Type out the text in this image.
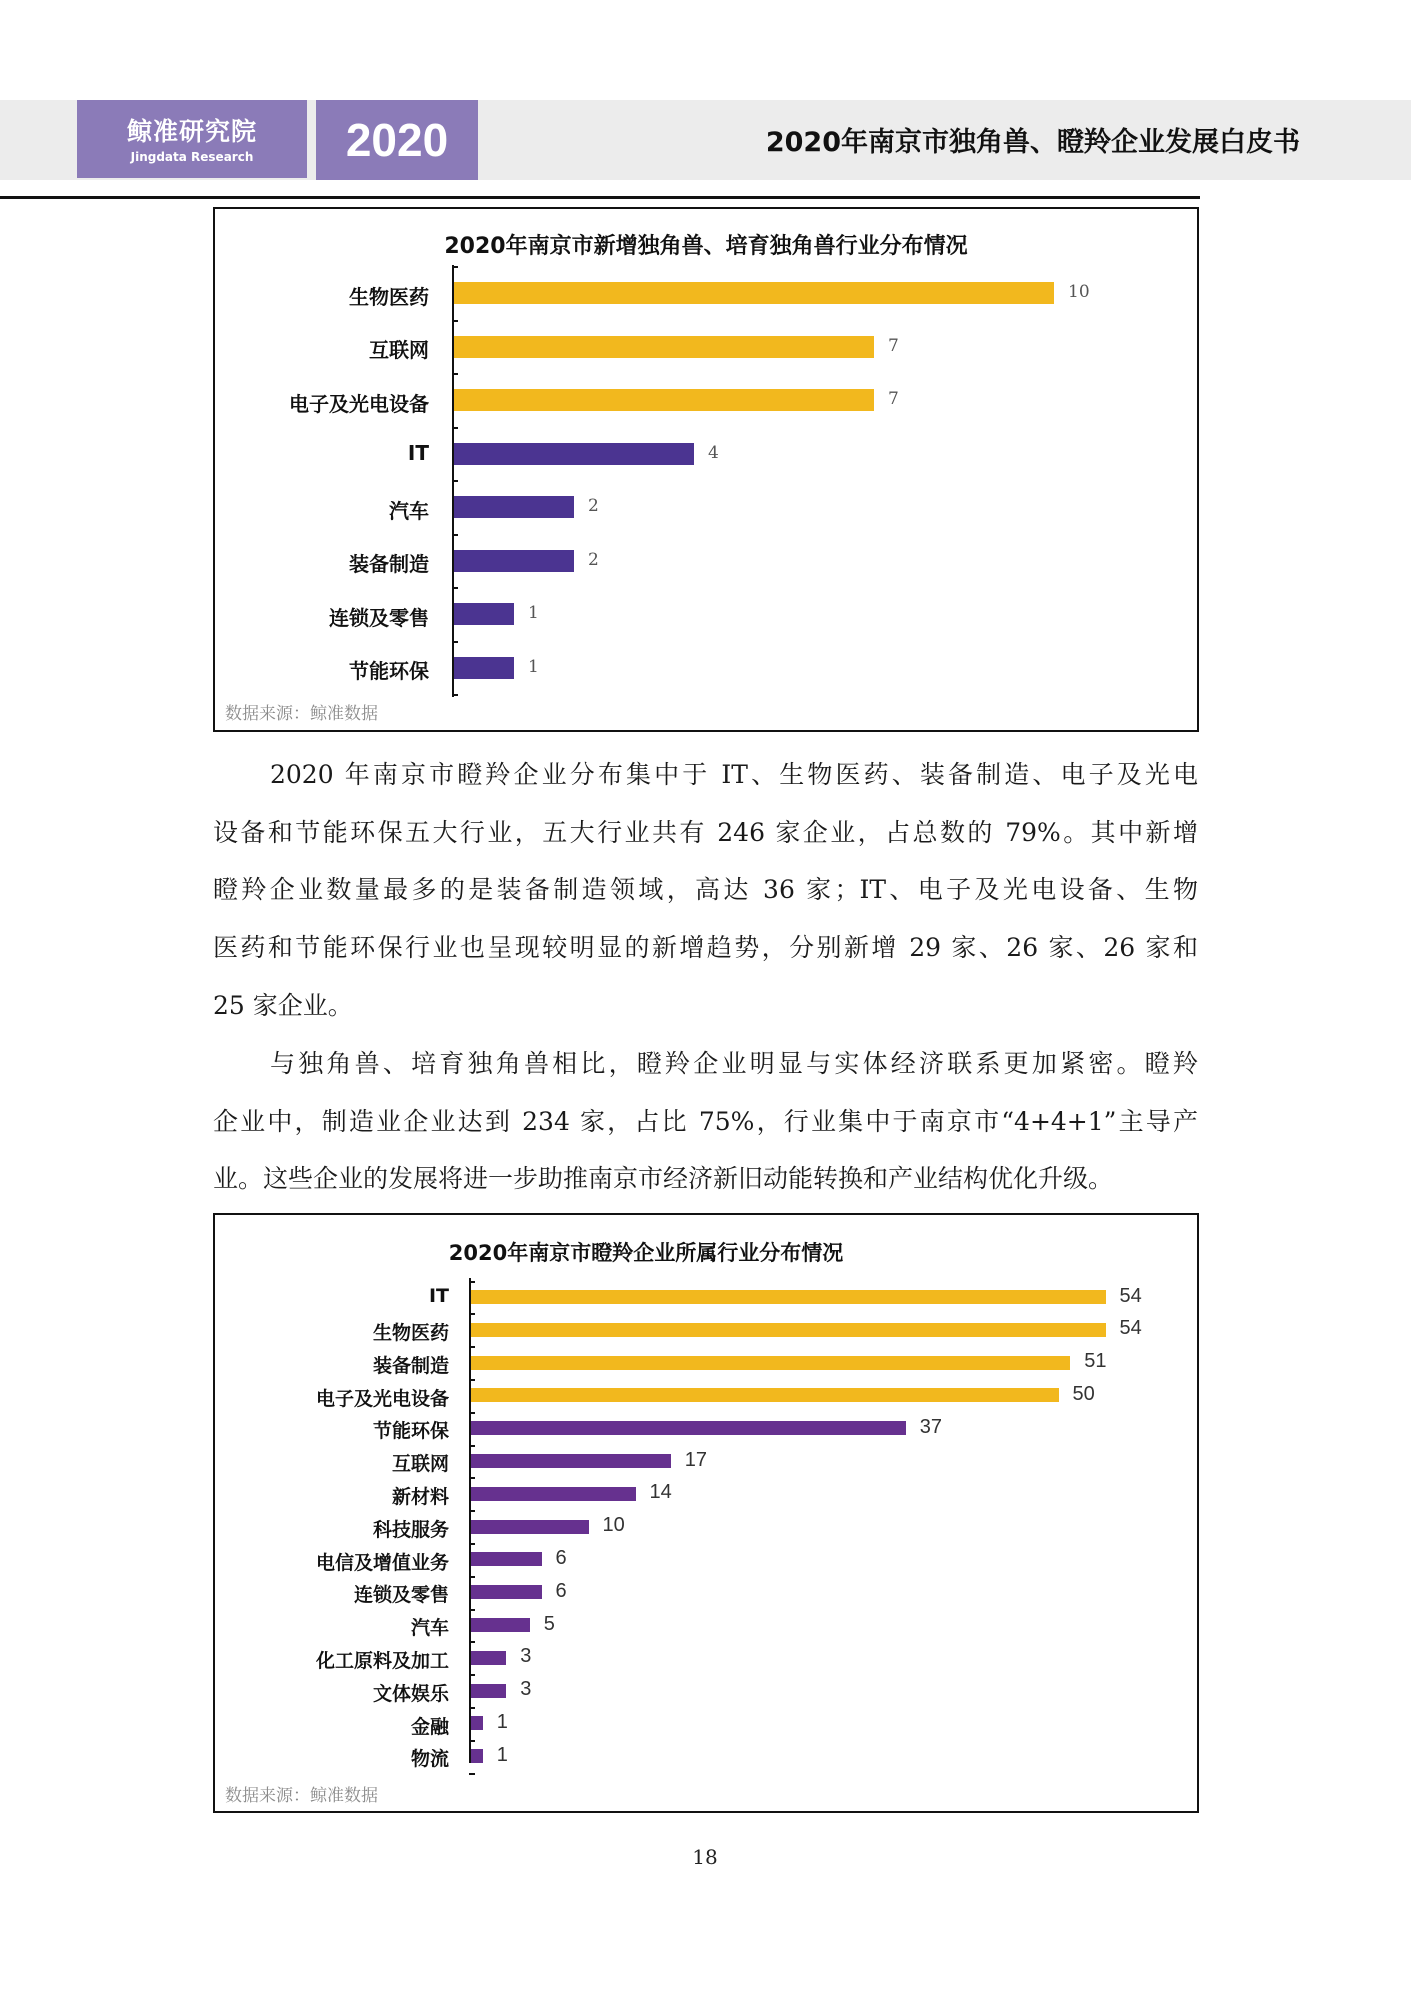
鲸准研究院
Jingdata Research	2020	2020年南京市独角兽、瞪羚企业发展白皮书
2020年南京市新增独角兽、培育独角兽行业分布情况
生物医药	10
互联网	7
电子及光电设备	7
IT	4
汽车	2
装备制造	2
连锁及零售	1
节能环保	1
数据来源：鲸准数据
2020 年南京市瞪羚企业分布集中于 IT、生物医药、装备制造、电子及光电
设备和节能环保五大行业，五大行业共有 246 家企业，占总数的 79%。其中新增
瞪羚企业数量最多的是装备制造领域，高达 36 家；IT、电子及光电设备、生物
医药和节能环保行业也呈现较明显的新增趋势，分别新增 29 家、26 家、26 家和
25 家企业。
与独角兽、培育独角兽相比，瞪羚企业明显与实体经济联系更加紧密。瞪羚
企业中，制造业企业达到 234 家，占比 75%，行业集中于南京市“4+4+1”主导产
业。这些企业的发展将进一步助推南京市经济新旧动能转换和产业结构优化升级。
2020年南京市瞪羚企业所属行业分布情况
IT	54
生物医药	54
装备制造	51
电子及光电设备	50
节能环保	37
互联网	17
新材料	14
科技服务	10
电信及增值业务	6
连锁及零售	6
汽车	5
化工原料及加工	3
文体娱乐	3
金融 1
物流 1
数据来源：鲸准数据
18
